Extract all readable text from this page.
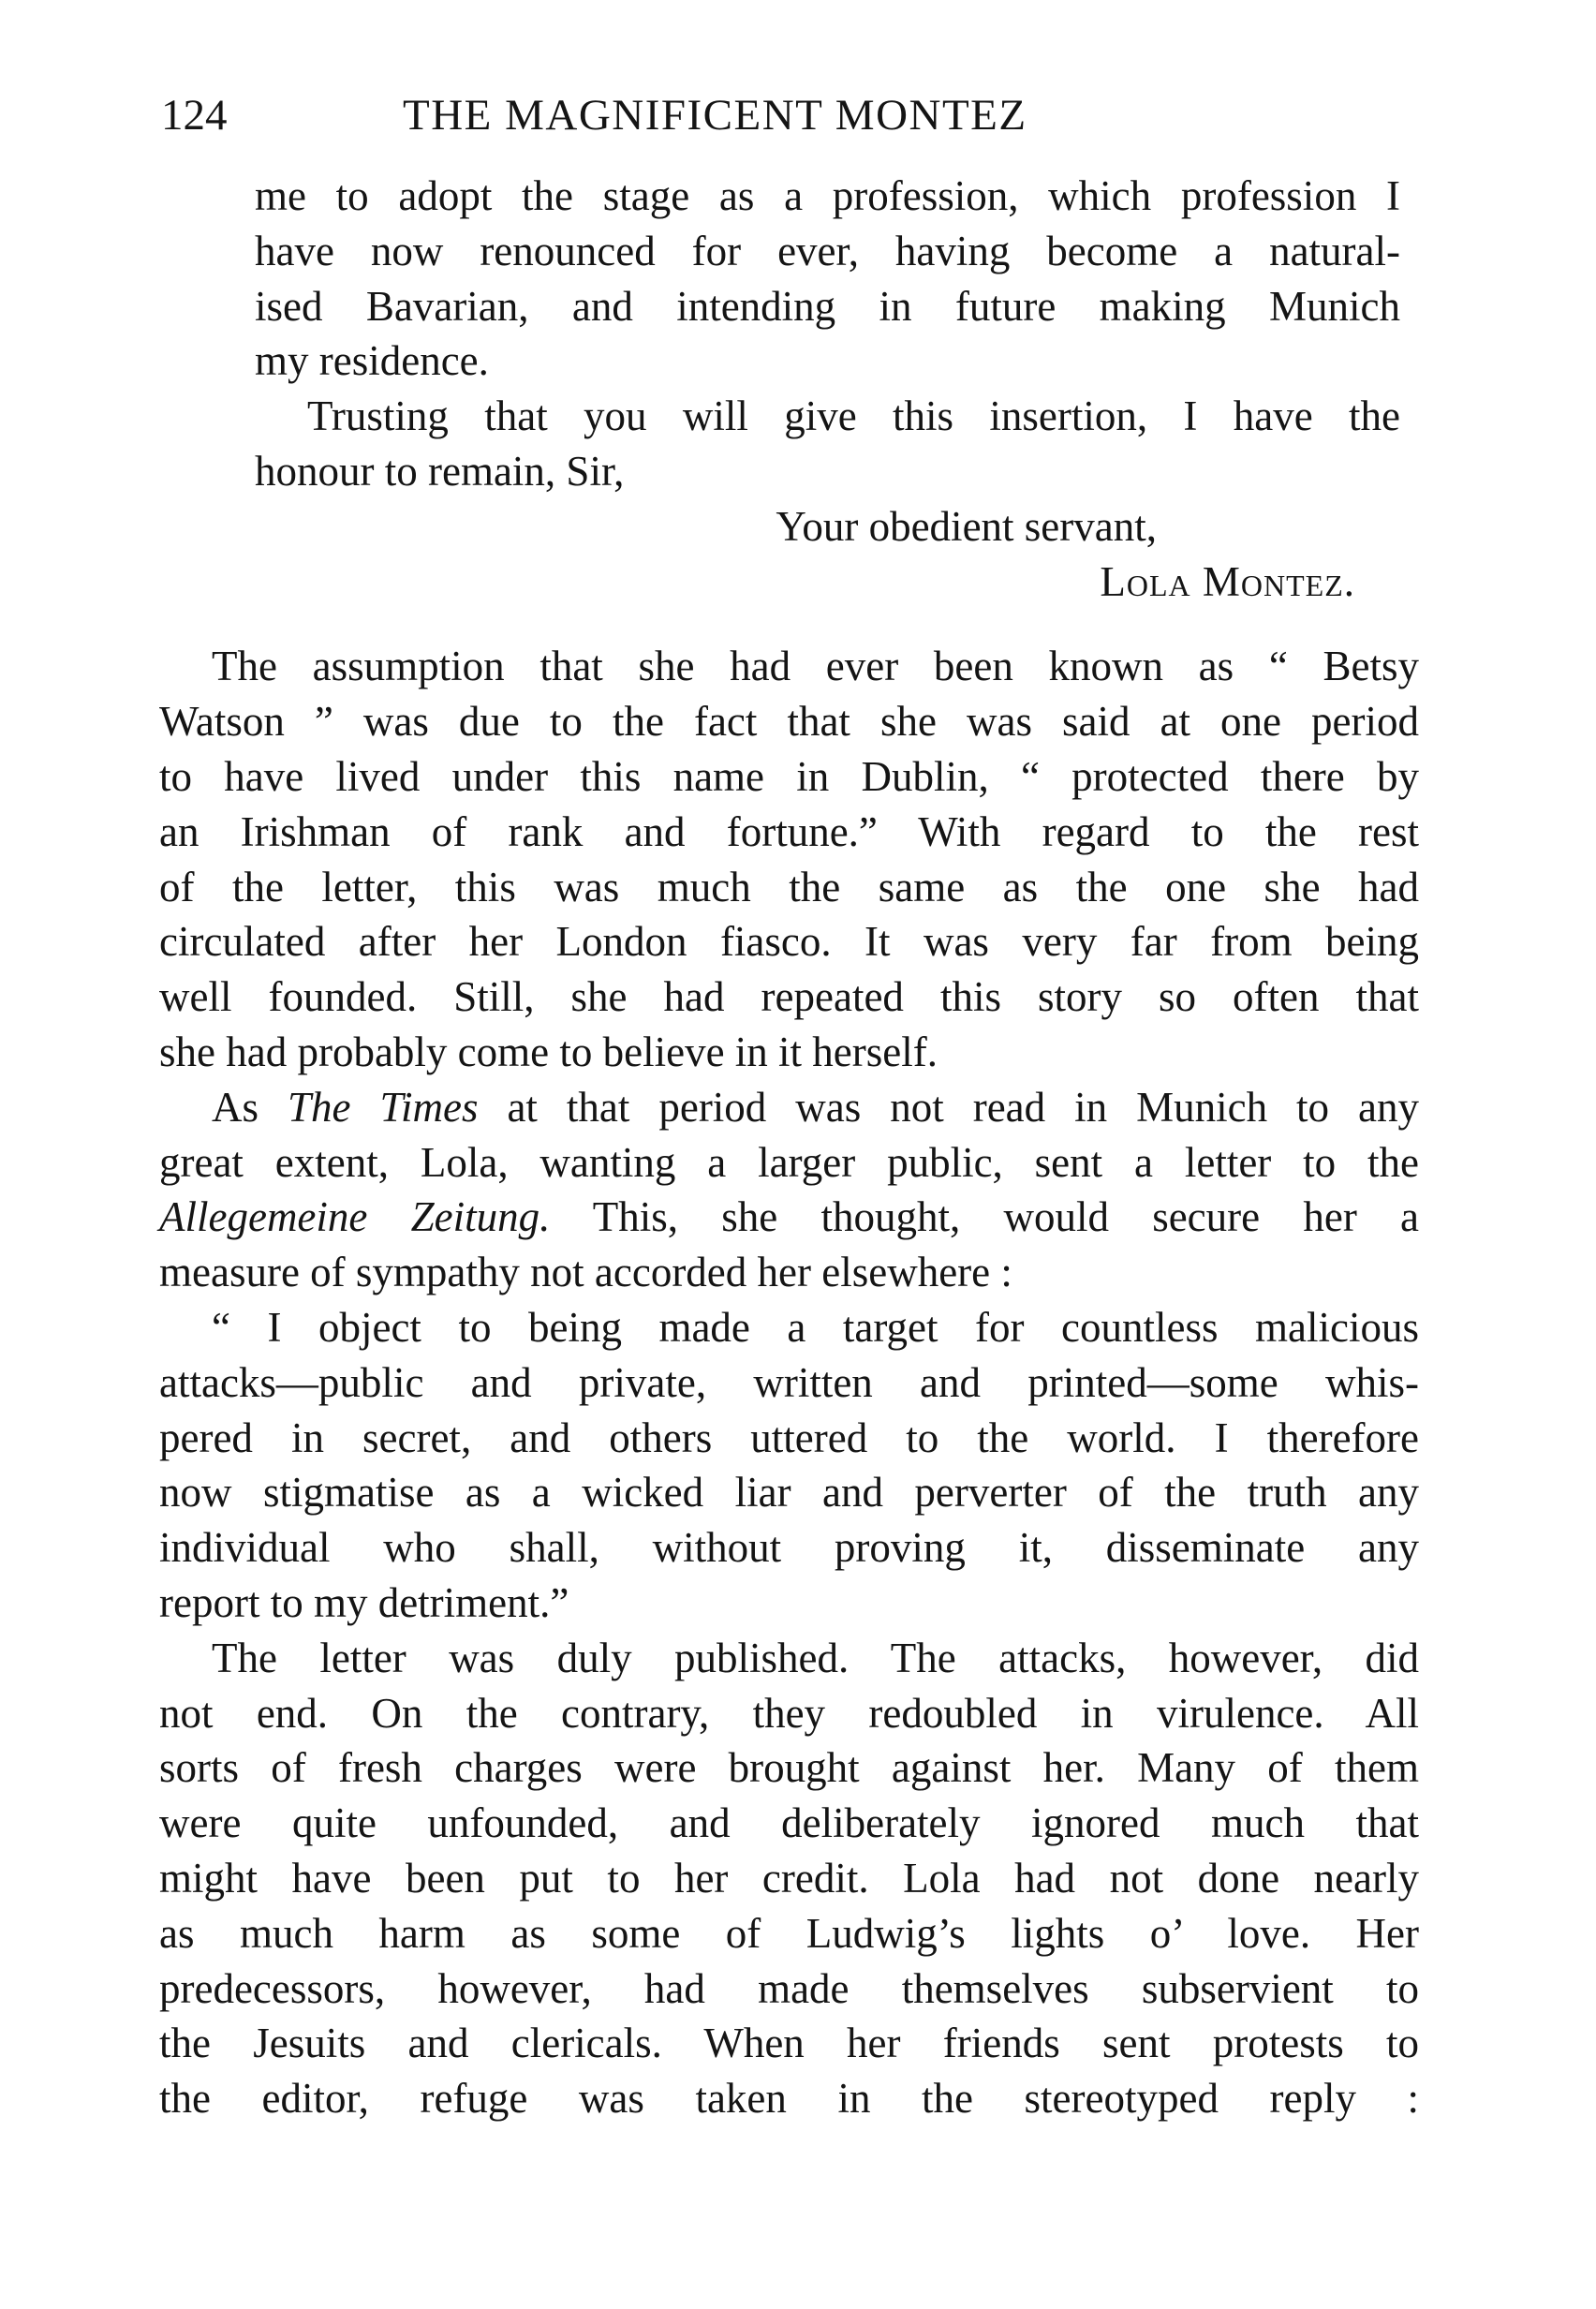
124	THE MAGNIFICENT MONTEZ
me to adopt the stage as a profession, which profession I
have now renounced for ever, having become a natural-
ised Bavarian, and intending in future making Munich
my residence.
Trusting that you will give this insertion, I have the
honour to remain, Sir,
Your obedient servant,
Lola Montez.
The assumption that she had ever been known as “ Betsy
Watson ” was due to the fact that she was said at one period
to have lived under this name in Dublin, “ protected there by
an Irishman of rank and fortune.” With regard to the rest
of the letter, this was much the same as the one she had
circulated after her London fiasco. It was very far from being
well founded. Still, she had repeated this story so often that
she had probably come to believe in it herself.
As The Times at that period was not read in Munich to any
great extent, Lola, wanting a larger public, sent a letter to the
Allegemeine Zeitung. This, she thought, would secure her a
measure of sympathy not accorded her elsewhere :
“ I object to being made a target for countless malicious
attacks—public and private, written and printed—some whis-
pered in secret, and others uttered to the world. I therefore
now stigmatise as a wicked liar and perverter of the truth any
individual who shall, without proving it, disseminate any
report to my detriment.”
The letter was duly published. The attacks, however, did
not end. On the contrary, they redoubled in virulence. All
sorts of fresh charges were brought against her. Many of them
were quite unfounded, and deliberately ignored much that
might have been put to her credit. Lola had not done nearly
as much harm as some of Ludwig’s lights o’ love. Her
predecessors, however, had made themselves subservient to
the Jesuits and clericals. When her friends sent protests to
the editor, refuge was taken in the stereotyped reply :
